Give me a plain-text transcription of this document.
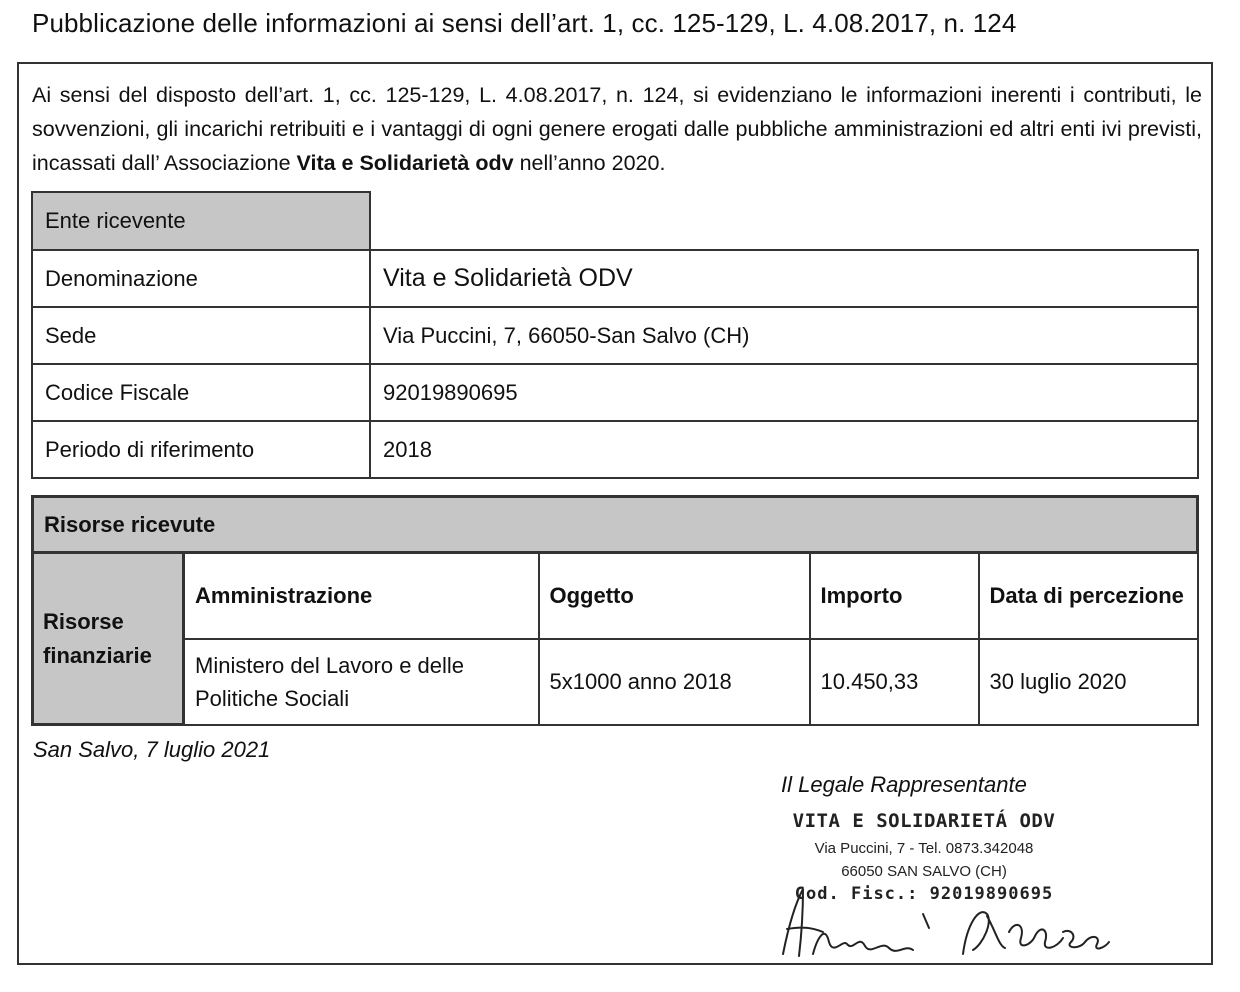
Pubblicazione delle informazioni ai sensi dell’art. 1, cc. 125-129, L. 4.08.2017, n. 124
Ai sensi del disposto dell’art. 1, cc. 125-129, L. 4.08.2017, n. 124, si evidenziano le informazioni inerenti i contributi, le sovvenzioni, gli incarichi retribuiti e i vantaggi di ogni genere erogati dalle pubbliche amministrazioni ed altri enti ivi previsti, incassati dall’ Associazione Vita e Solidarietà odv nell’anno 2020.
Ente ricevente	
Denominazione	Vita e Solidarietà ODV
Sede	Via Puccini, 7, 66050-San Salvo (CH)
Codice Fiscale	92019890695
Periodo di riferimento	2018
Risorse ricevute				
Risorse finanziarie	Amministrazione	Oggetto	Importo	Data di percezione
	Ministero del Lavoro e delle Politiche Sociali	5x1000 anno 2018	10.450,33	30 luglio 2020
San Salvo, 7 luglio 2021
Il Legale Rappresentante
VITA E SOLIDARIETÁ ODV
Via Puccini, 7 - Tel. 0873.342048
66050 SAN SALVO (CH)
Cod. Fisc.: 92019890695
